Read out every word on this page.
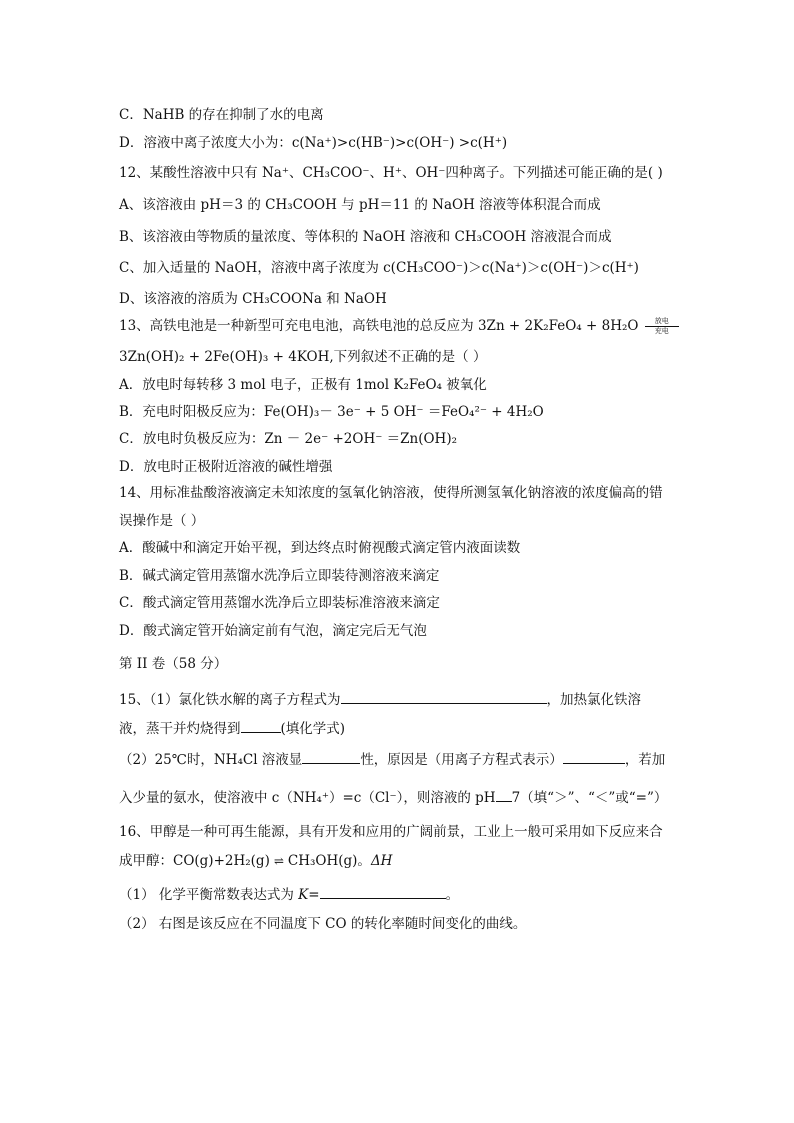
C．NaHB 的存在抑制了水的电离
D．溶液中离子浓度大小为：c(Na⁺)>c(HB⁻)>c(OH⁻) >c(H⁺)
12、某酸性溶液中只有 Na⁺、CH₃COO⁻、H⁺、OH⁻四种离子。下列描述可能正确的是( )
A、该溶液由 pH＝3 的 CH₃COOH 与 pH＝11 的 NaOH 溶液等体积混合而成
B、该溶液由等物质的量浓度、等体积的 NaOH 溶液和 CH₃COOH 溶液混合而成
C、加入适量的 NaOH，溶液中离子浓度为 c(CH₃COO⁻)＞c(Na⁺)＞c(OH⁻)＞c(H⁺)
D、该溶液的溶质为 CH₃COONa 和 NaOH
13、高铁电池是一种新型可充电电池，高铁电池的总反应为 3Zn + 2K₂FeO₄ + 8H₂O 放电
充电
3Zn(OH)₂ + 2Fe(OH)₃ + 4KOH,下列叙述不正确的是（ ）
A．放电时每转移 3 mol 电子，正极有 1mol K₂FeO₄ 被氧化
B．充电时阳极反应为：Fe(OH)₃－ 3e⁻ + 5 OH⁻ ＝FeO₄²⁻ + 4H₂O
C．放电时负极反应为：Zn － 2e⁻ +2OH⁻ ＝Zn(OH)₂
D．放电时正极附近溶液的碱性增强
14、用标准盐酸溶液滴定未知浓度的氢氧化钠溶液，使得所测氢氧化钠溶液的浓度偏高的错
误操作是（ ）
A．酸碱中和滴定开始平视，到达终点时俯视酸式滴定管内液面读数
B．碱式滴定管用蒸馏水洗净后立即装待测溶液来滴定
C．酸式滴定管用蒸馏水洗净后立即装标准溶液来滴定
D．酸式滴定管开始滴定前有气泡，滴定完后无气泡
第 II 卷（58 分）
15、（1）氯化铁水解的离子方程式为	，加热氯化铁溶
液，蒸干并灼烧得到	(填化学式)
（2）25℃时，NH₄Cl 溶液显	性，原因是（用离子方程式表示）	，若加
入少量的氨水，使溶液中 c（NH₄⁺）=c（Cl⁻），则溶液的 pH 7（填“＞”、“＜”或“=”）
16、甲醇是一种可再生能源，具有开发和应用的广阔前景，工业上一般可采用如下反应来合
成甲醇：CO(g)+2H₂(g) ⇌ CH₃OH(g)。ΔH
（1） 化学平衡常数表达式为 K=	。
（2） 右图是该反应在不同温度下 CO 的转化率随时间变化的曲线。
